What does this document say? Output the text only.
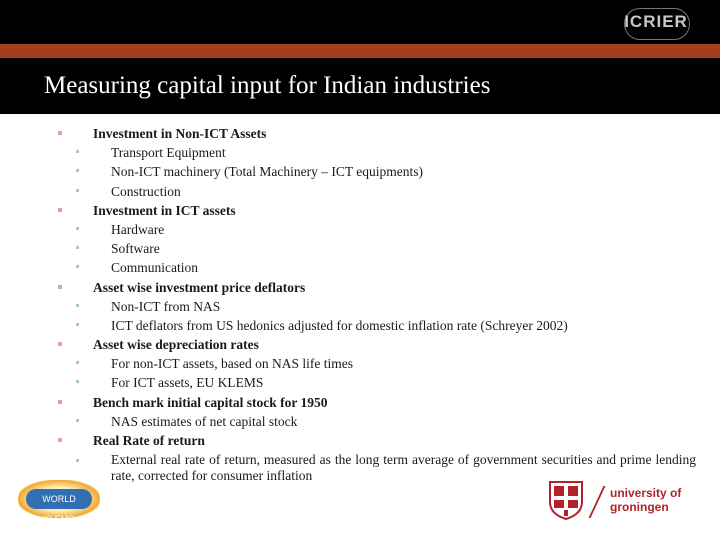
ICRIER
Measuring capital input for Indian industries
Investment in Non-ICT Assets
Transport Equipment
Non-ICT machinery (Total Machinery – ICT equipments)
Construction
Investment in ICT assets
Hardware
Software
Communication
Asset wise investment price deflators
Non-ICT from NAS
ICT deflators from US hedonics adjusted for domestic inflation rate (Schreyer 2002)
Asset wise depreciation rates
For non-ICT assets, based on NAS life times
For ICT assets, EU KLEMS
Bench mark initial capital stock for 1950
NAS estimates of net capital stock
Real Rate of return
External real rate of return, measured as the long term average of government securities and prime lending rate, corrected for consumer inflation
WORLD KLEMS
university of
groningen
